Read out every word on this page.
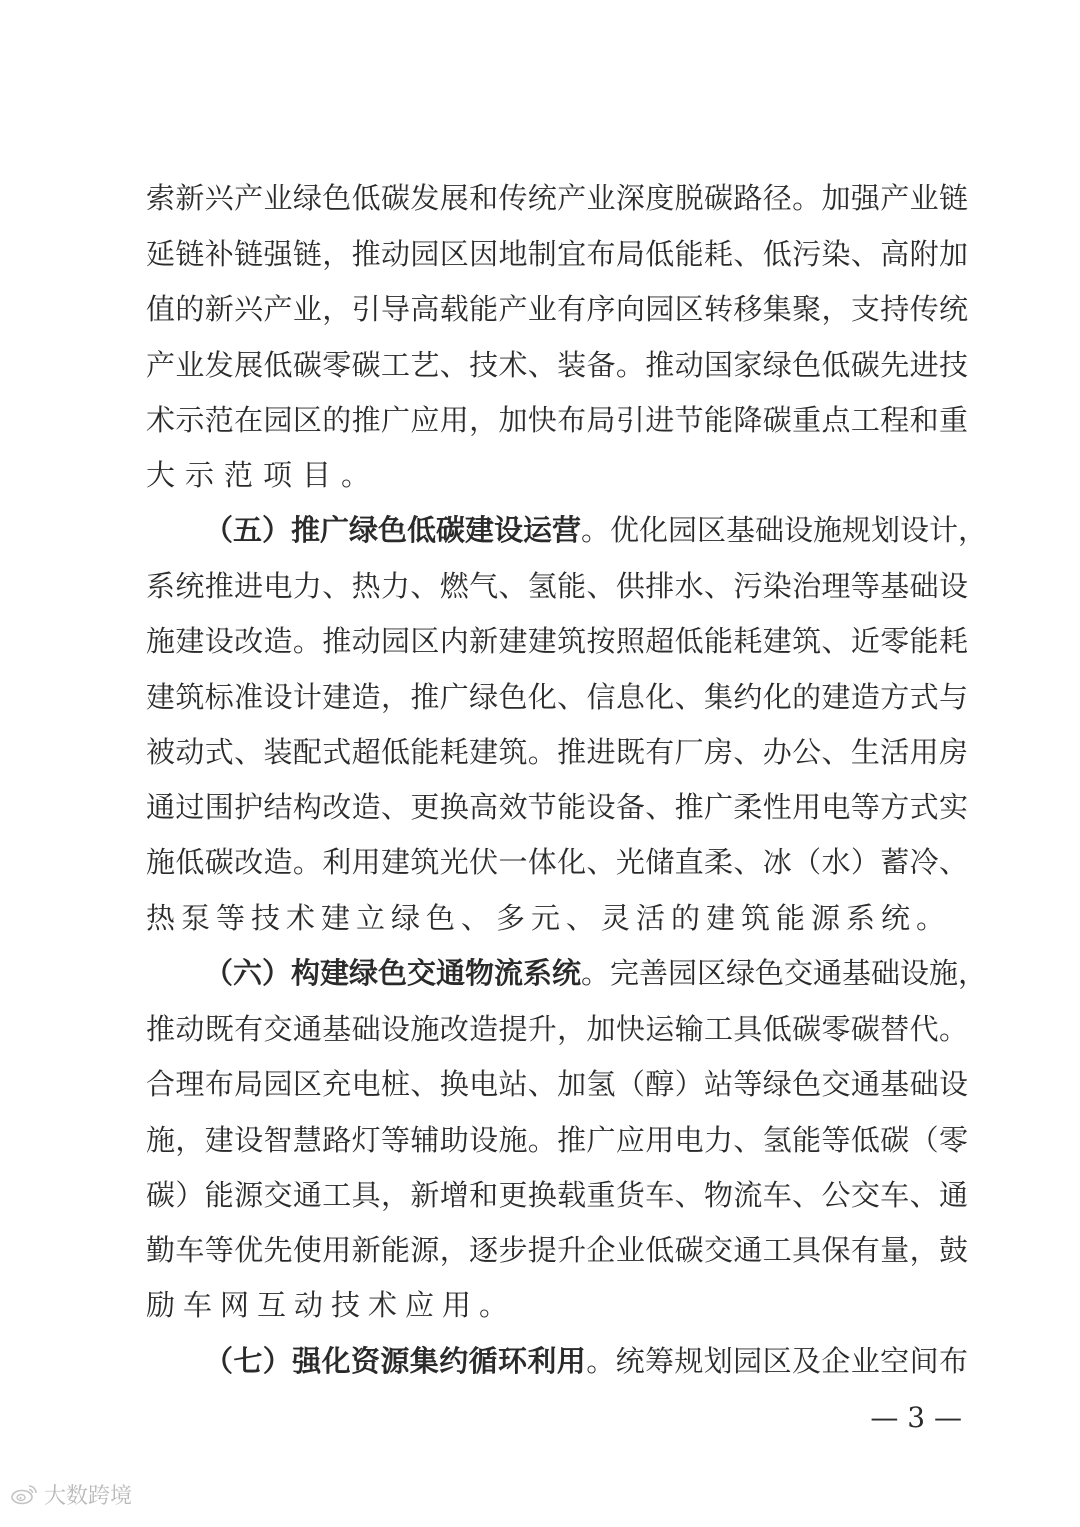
索新兴产业绿色低碳发展和传统产业深度脱碳路径。加强产业链
延链补链强链，推动园区因地制宜布局低能耗、低污染、高附加
值的新兴产业，引导高载能产业有序向园区转移集聚，支持传统
产业发展低碳零碳工艺、技术、装备。推动国家绿色低碳先进技
术示范在园区的推广应用，加快布局引进节能降碳重点工程和重
大示范项目。
（五）推广绿色低碳建设运营。优化园区基础设施规划设计，
系统推进电力、热力、燃气、氢能、供排水、污染治理等基础设
施建设改造。推动园区内新建建筑按照超低能耗建筑、近零能耗
建筑标准设计建造，推广绿色化、信息化、集约化的建造方式与
被动式、装配式超低能耗建筑。推进既有厂房、办公、生活用房
通过围护结构改造、更换高效节能设备、推广柔性用电等方式实
施低碳改造。利用建筑光伏一体化、光储直柔、冰（水）蓄冷、
热泵等技术建立绿色、多元、灵活的建筑能源系统。
（六）构建绿色交通物流系统。完善园区绿色交通基础设施，
推动既有交通基础设施改造提升，加快运输工具低碳零碳替代。
合理布局园区充电桩、换电站、加氢（醇）站等绿色交通基础设
施，建设智慧路灯等辅助设施。推广应用电力、氢能等低碳（零
碳）能源交通工具，新增和更换载重货车、物流车、公交车、通
勤车等优先使用新能源，逐步提升企业低碳交通工具保有量，鼓
励车网互动技术应用。
（七）强化资源集约循环利用。统筹规划园区及企业空间布
— 3 —
大数跨境
